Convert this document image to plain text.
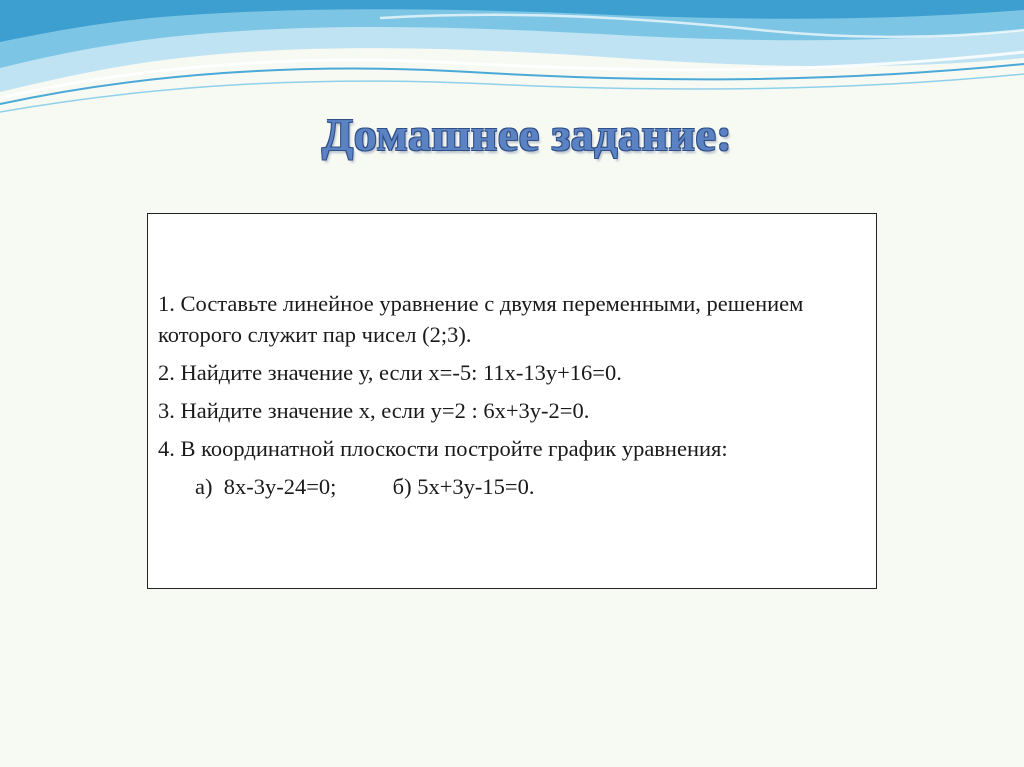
Домашнее задание:
1. Составьте линейное уравнение с двумя переменными, решением которого служит пар чисел (2;3).
2. Найдите значение у, если х=-5: 11х-13у+16=0.
3. Найдите значение х, если у=2 : 6х+3у-2=0.
4. В координатной плоскости постройте график уравнения:
а)  8х-3у-24=0;          б) 5х+3у-15=0.
